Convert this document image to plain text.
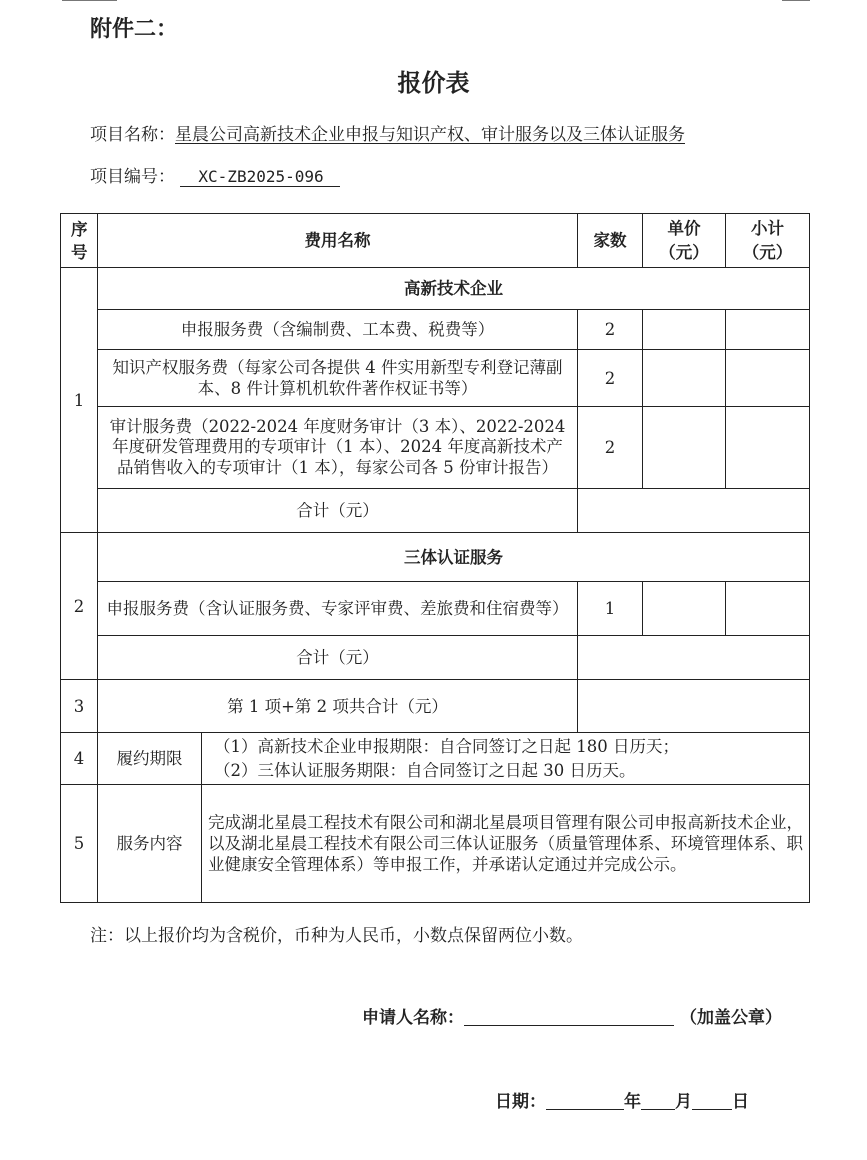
附件二：
报价表
项目名称：星晨公司高新技术企业申报与知识产权、审计服务以及三体认证服务
项目编号： XC-ZB2025-096
序号	费用名称		家数	单价（元）	小计（元）
1	高新技术企业				
	申报服务费（含编制费、工本费、税费等）		2		
	知识产权服务费（每家公司各提供 4 件实用新型专利登记薄副本、8 件计算机机软件著作权证书等）		2		
	审计服务费（2022-2024 年度财务审计（3 本）、2022-2024 年度研发管理费用的专项审计（1 本）、2024 年度高新技术产品销售收入的专项审计（1 本），每家公司各 5 份审计报告）		2		
	合计（元）				
2	三体认证服务				
	申报服务费（含认证服务费、专家评审费、差旅费和住宿费等）		1		
	合计（元）				
3	第 1 项+第 2 项共合计（元）				
4	履约期限	（1）高新技术企业申报期限：自合同签订之日起 180 日历天；
（2）三体认证服务期限：自合同签订之日起 30 日历天。			

5	服务内容	完成湖北星晨工程技术有限公司和湖北星晨项目管理有限公司申报高新技术企业，以及湖北星晨工程技术有限公司三体认证服务（质量管理体系、环境管理体系、职业健康安全管理体系）等申报工作，并承诺认定通过并完成公示。			
注：以上报价均为含税价，币种为人民币，小数点保留两位小数。
申请人名称：	（加盖公章）
日期：	年 月 日
